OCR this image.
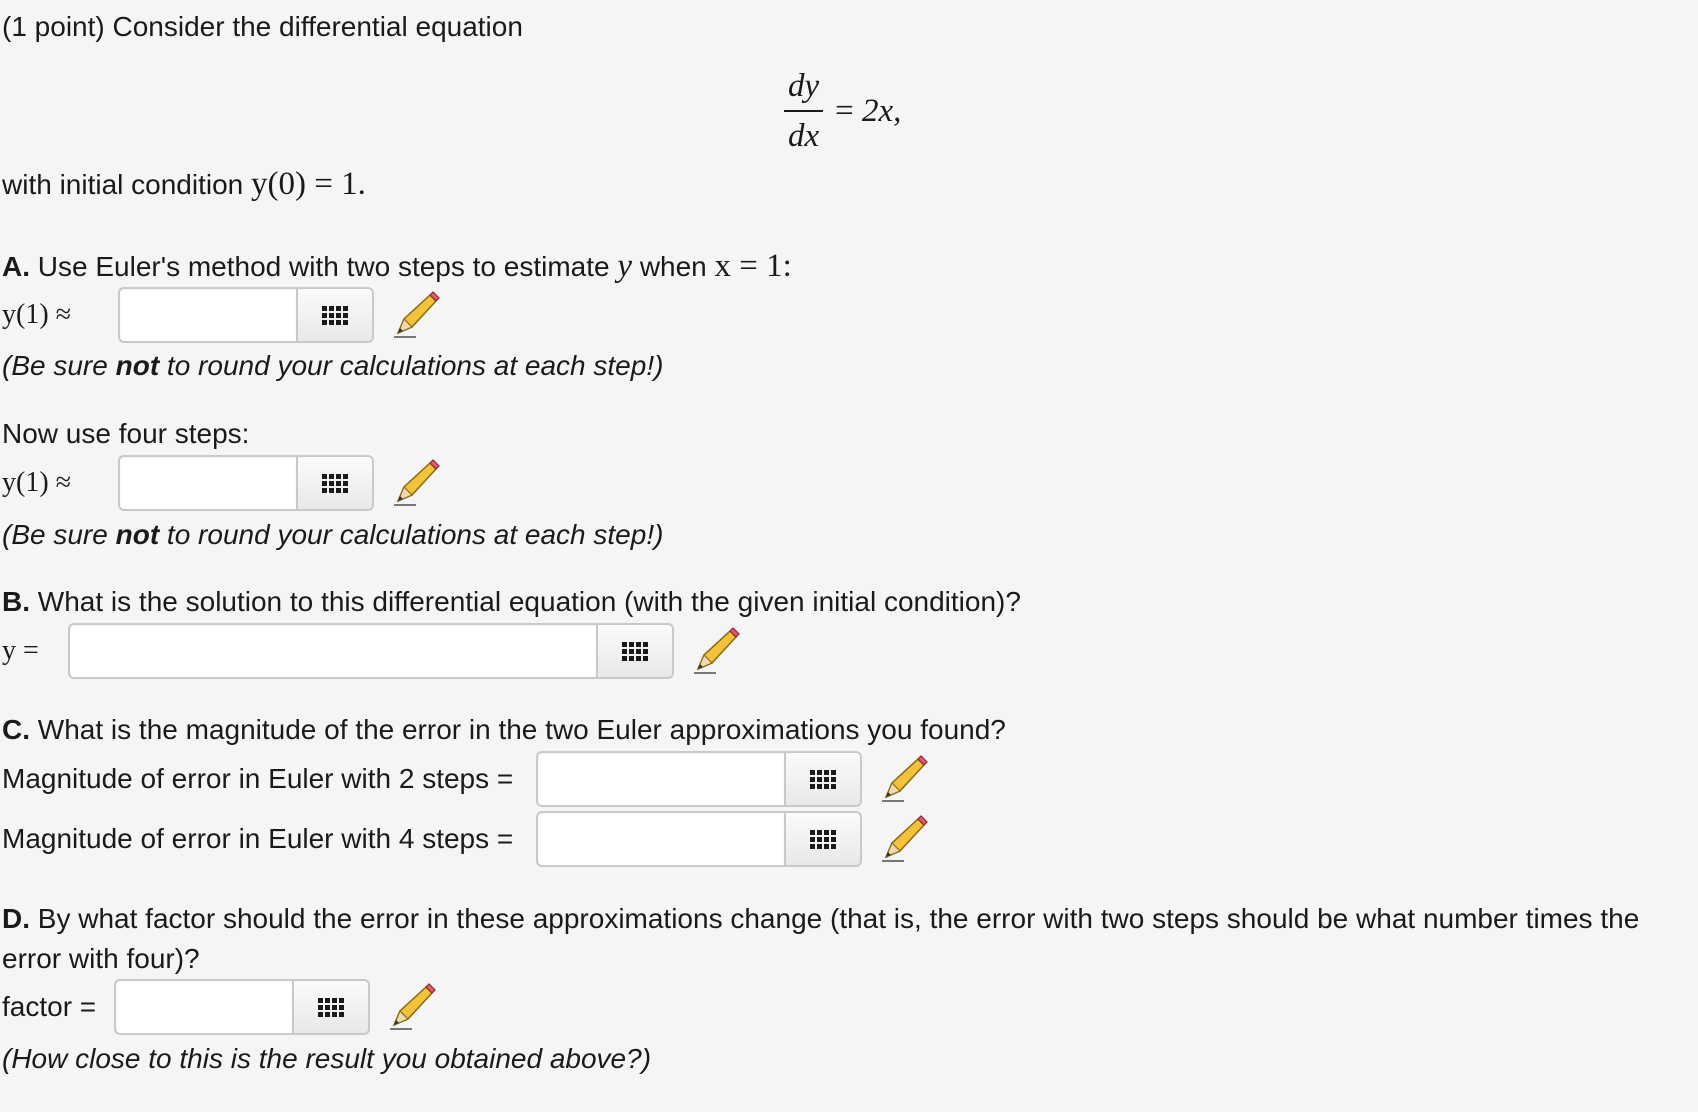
(1 point) Consider the differential equation
$\frac{dy}{dx}$ =
2x,
with initial condition y(0) = 1.
A. Use Euler's method with two steps to estimate y when x = 1:
y(1) ≈
(Be sure not to round your calculations at each step!)
Now use four steps:
y(1) ≈
(Be sure not to round your calculations at each step!)
B. What is the solution to this differential equation (with the given initial condition)?
y =
C. What is the magnitude of the error in the two Euler approximations you found?
Magnitude of error in Euler with 2 steps =
Magnitude of error in Euler with 4 steps =
D. By what factor should the error in these approximations change (that is, the error with two steps should be what number times the
error with four)?
factor =
(How close to this is the result you obtained above?)
